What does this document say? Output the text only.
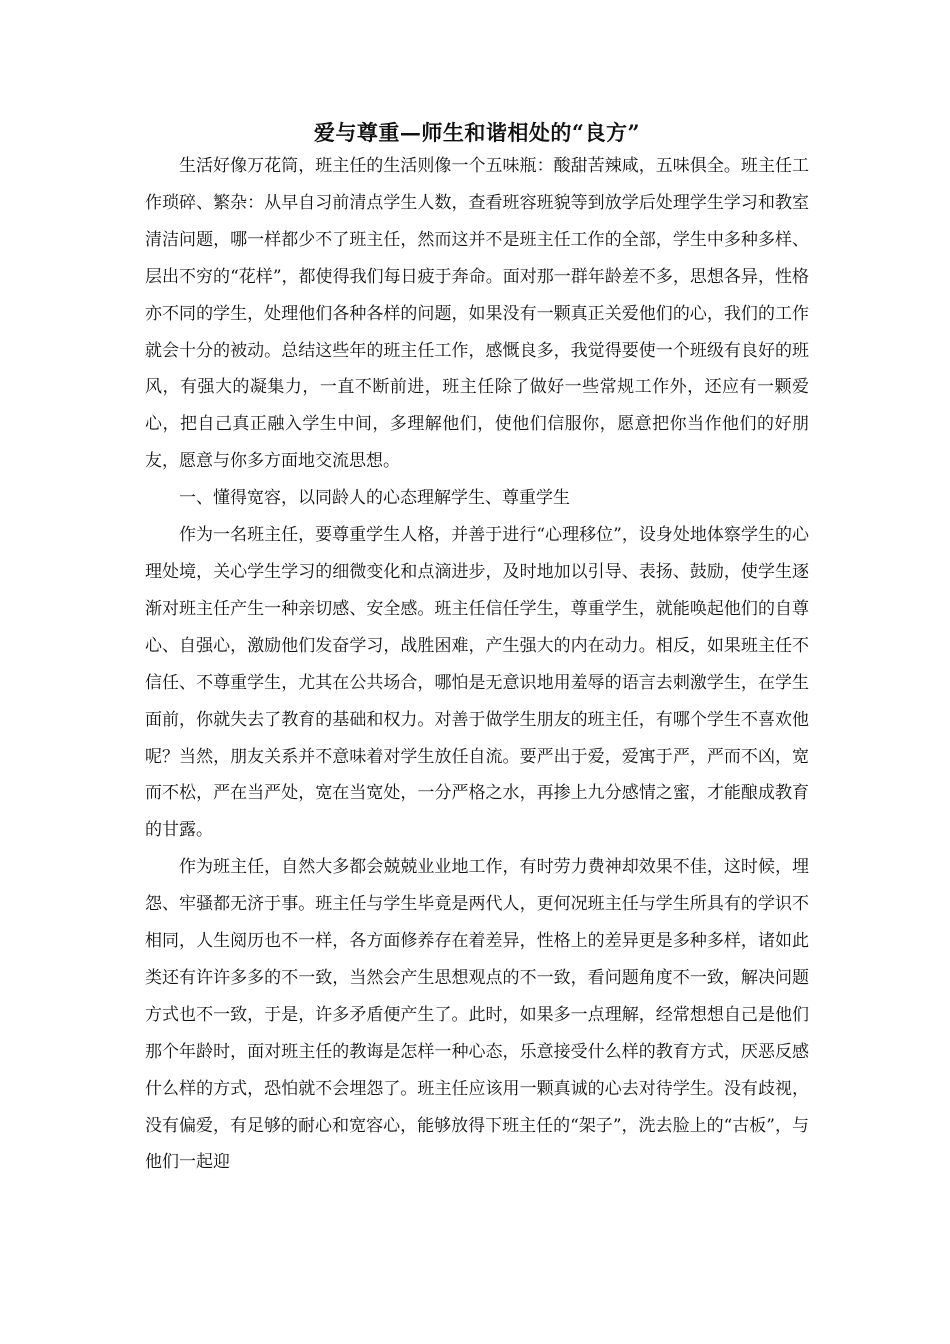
爱与尊重—师生和谐相处的“良方”

生活好像万花筒，班主任的生活则像一个五味瓶：酸甜苦辣咸，五味俱全。班主任工作琐碎、繁杂：从早自习前清点学生人数，查看班容班貌等到放学后处理学生学习和教室清洁问题，哪一样都少不了班主任，然而这并不是班主任工作的全部，学生中多种多样、层出不穷的“花样”，都使得我们每日疲于奔命。面对那一群年龄差不多，思想各异，性格亦不同的学生，处理他们各种各样的问题，如果没有一颗真正关爱他们的心，我们的工作就会十分的被动。总结这些年的班主任工作，感慨良多，我觉得要使一个班级有良好的班风，有强大的凝集力，一直不断前进，班主任除了做好一些常规工作外，还应有一颗爱心，把自己真正融入学生中间，多理解他们，使他们信服你，愿意把你当作他们的好朋友，愿意与你多方面地交流思想。

一、懂得宽容，以同龄人的心态理解学生、尊重学生

作为一名班主任，要尊重学生人格，并善于进行“心理移位”，设身处地体察学生的心理处境，关心学生学习的细微变化和点滴进步，及时地加以引导、表扬、鼓励，使学生逐渐对班主任产生一种亲切感、安全感。班主任信任学生，尊重学生，就能唤起他们的自尊心、自强心，激励他们发奋学习，战胜困难，产生强大的内在动力。相反，如果班主任不信任、不尊重学生，尤其在公共场合，哪怕是无意识地用羞辱的语言去刺激学生，在学生面前，你就失去了教育的基础和权力。对善于做学生朋友的班主任，有哪个学生不喜欢他呢？当然，朋友关系并不意味着对学生放任自流。要严出于爱，爱寓于严，严而不凶，宽而不松，严在当严处，宽在当宽处，一分严格之水，再掺上九分感情之蜜，才能酿成教育的甘露。

作为班主任，自然大多都会兢兢业业地工作，有时劳力费神却效果不佳，这时候，埋怨、牢骚都无济于事。班主任与学生毕竟是两代人，更何况班主任与学生所具有的学识不相同，人生阅历也不一样，各方面修养存在着差异，性格上的差异更是多种多样，诸如此类还有许许多多的不一致，当然会产生思想观点的不一致，看问题角度不一致，解决问题方式也不一致，于是，许多矛盾便产生了。此时，如果多一点理解，经常想想自己是他们那个年龄时，面对班主任的教诲是怎样一种心态，乐意接受什么样的教育方式，厌恶反感什么样的方式，恐怕就不会埋怨了。班主任应该用一颗真诚的心去对待学生。没有歧视，没有偏爱，有足够的耐心和宽容心，能够放得下班主任的“架子”，洗去脸上的“古板”，与他们一起迎
